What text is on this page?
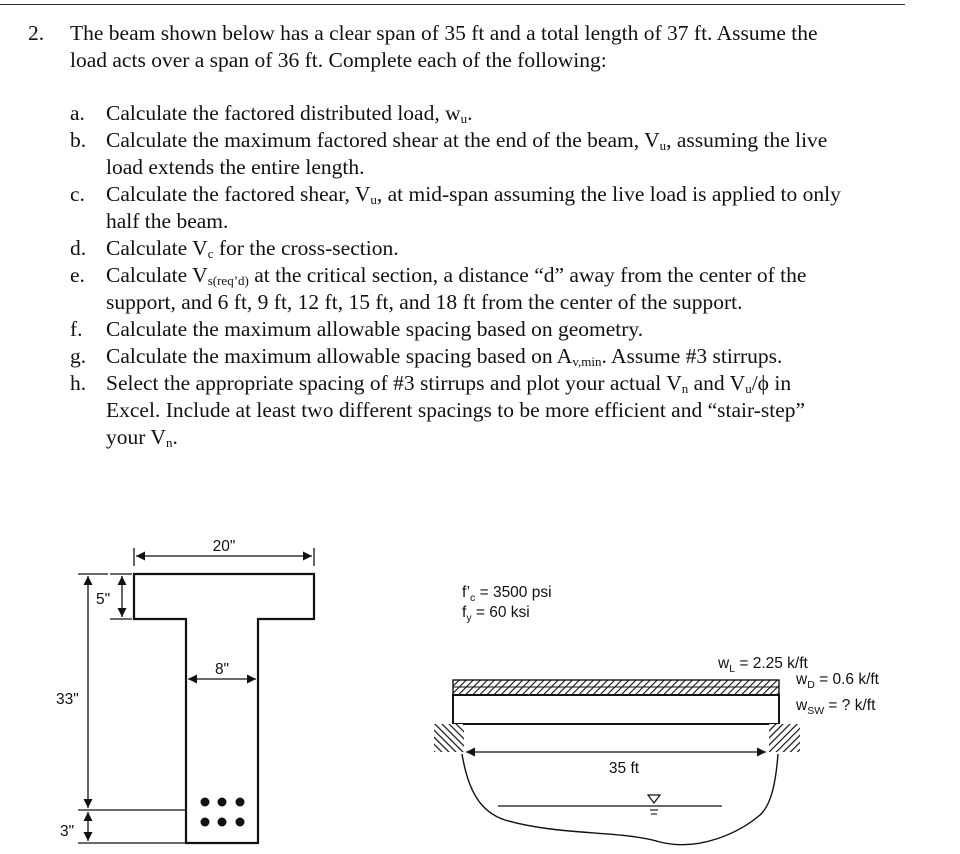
2. The beam shown below has a clear span of 35 ft and a total length of 37 ft. Assume the
load acts over a span of 36 ft. Complete each of the following:
a. Calculate the factored distributed load, $w_u$.
b. Calculate the maximum factored shear at the end of the beam, $V_u$, assuming the live
load extends the entire length.
c. Calculate the factored shear, $V_u$, at mid-span assuming the live load is applied to only
half the beam.
d. Calculate $V_c$ for the cross-section.
e. Calculate $V_{s(req’d)}$ at the critical section, a distance “d” away from the center of the
support, and 6 ft, 9 ft, 12 ft, 15 ft, and 18 ft from the center of the support.
f. Calculate the maximum allowable spacing based on geometry.
g. Calculate the maximum allowable spacing based on $A_{v,min}$. Assume #3 stirrups.
h. Select the appropriate spacing of #3 stirrups and plot your actual $V_n$ and $V_u/\phi$ in
Excel. Include at least two different spacings to be more efficient and “stair-step”
your $V_n$.
20"
5"
8"
33"
3"
$f’_c = 3500$ psi
$f_y = 60$ ksi
35 ft
$w_L = 2.25$ k/ft
$w_D = 0.6$ k/ft
$w_{SW}$ = ? k/ft
